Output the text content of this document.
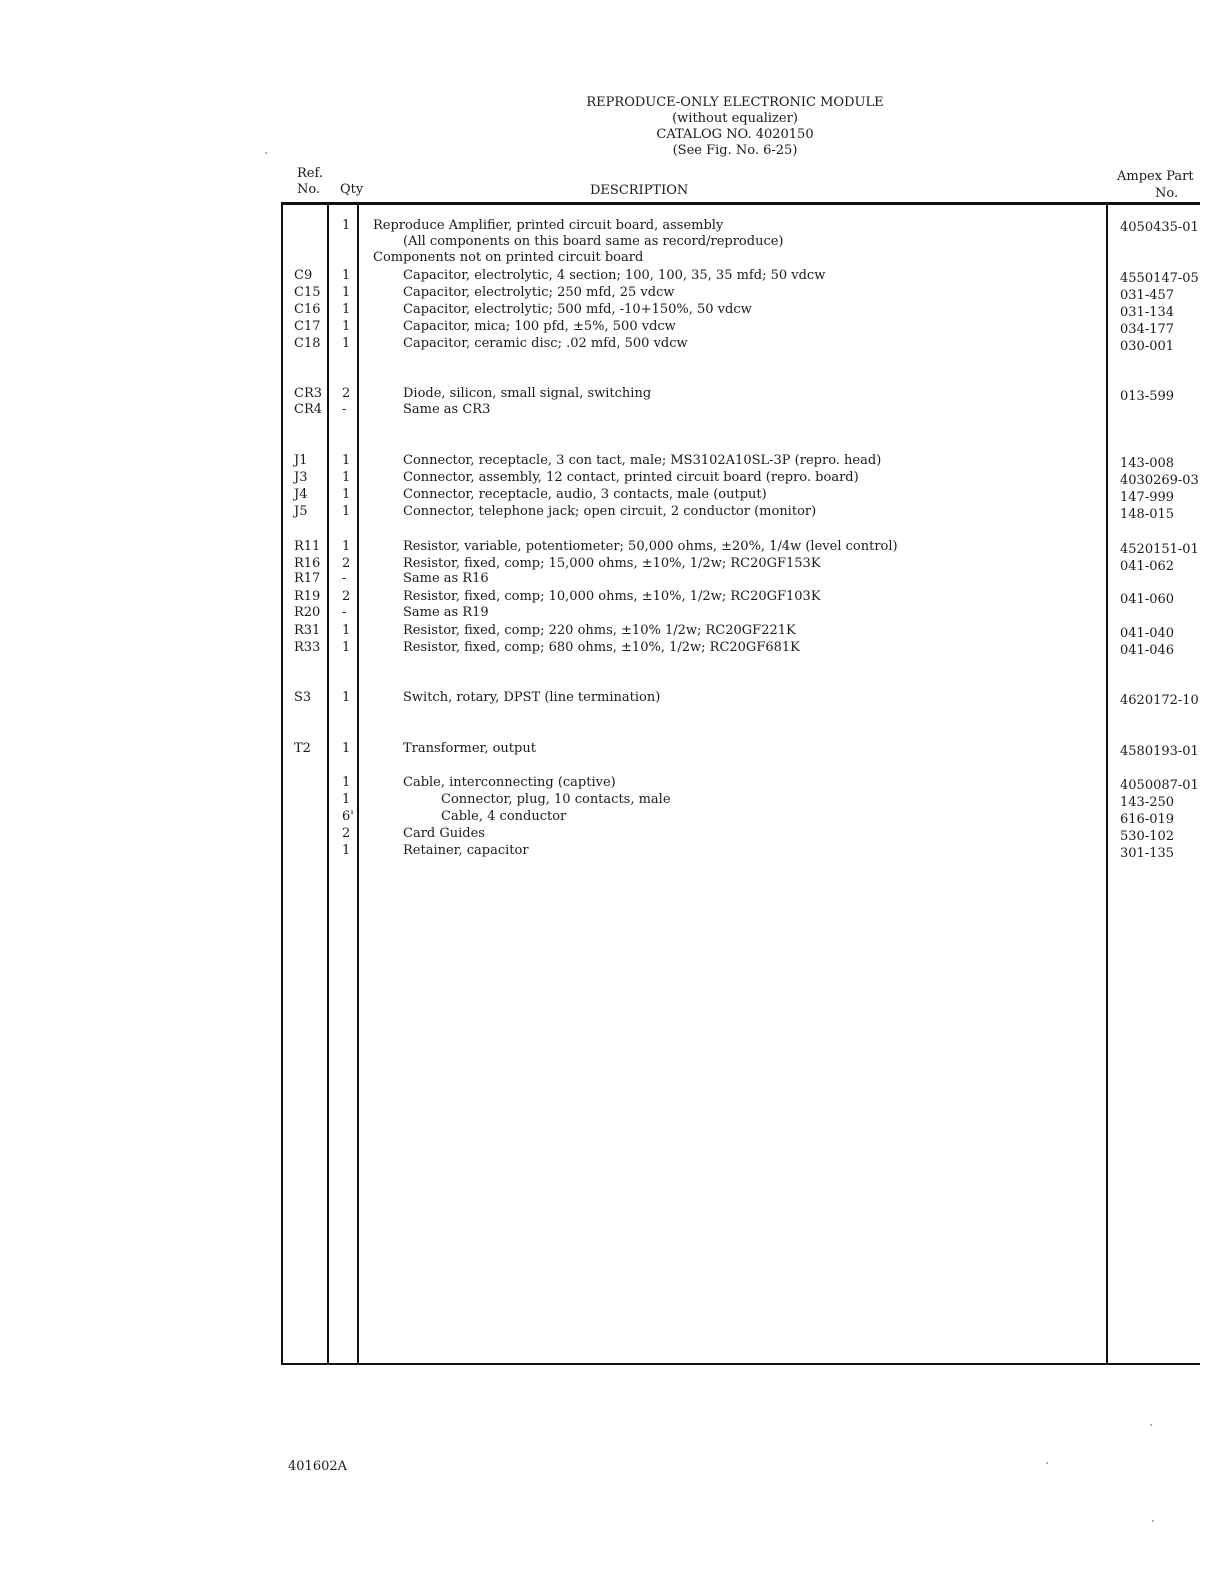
REPRODUCE-ONLY ELECTRONIC MODULE
(without equalizer)
CATALOG NO. 4020150
(See Fig. No. 6-25)
Ref.
No. Qty	DESCRIPTION
Ampex Part
No.
1 Reproduce Amplifier, printed circuit board, assembly	4050435-01
(All components on this board same as record/reproduce)
Components not on printed circuit board
C9 1	Capacitor, electrolytic, 4 section; 100, 100, 35, 35 mfd; 50 vdcw	4550147-05
C15 1	Capacitor, electrolytic; 250 mfd, 25 vdcw	031-457
C16 1	Capacitor, electrolytic; 500 mfd, -10+150%, 50 vdcw	031-134
C17 1	Capacitor, mica; 100 pfd, ±5%, 500 vdcw	034-177
C18 1	Capacitor, ceramic disc; .02 mfd, 500 vdcw	030-001
CR3 2	Diode, silicon, small signal, switching	013-599
CR4 -	Same as CR3
J1	1	Connector, receptacle, 3 con tact, male; MS3102A10SL-3P (repro. head)	143-008
J3	1	Connector, assembly, 12 contact, printed circuit board (repro. board)	4030269-03
J4	1	Connector, receptacle, audio, 3 contacts, male (output)	147-999
J5	1	Connector, telephone jack; open circuit, 2 conductor (monitor)	148-015
R11 1	Resistor, variable, potentiometer; 50,000 ohms, ±20%, 1/4w (level control)	4520151-01
R16 2	Resistor, fixed, comp; 15,000 ohms, ±10%, 1/2w; RC20GF153K	041-062
R17 -	Same as R16
R19 2	Resistor, fixed, comp; 10,000 ohms, ±10%, 1/2w; RC20GF103K	041-060
R20 -	Same as R19
R31 1	Resistor, fixed, comp; 220 ohms, ±10% 1/2w; RC20GF221K	041-040
R33 1	Resistor, fixed, comp; 680 ohms, ±10%, 1/2w; RC20GF681K	041-046
S3 1	Switch, rotary, DPST (line termination)	4620172-10
T2 1	Transformer, output	4580193-01
1	Cable, interconnecting (captive)	4050087-01
1	Connector, plug, 10 contacts, male	143-250
6'	Cable, 4 conductor	616-019
2	Card Guides	530-102
1	Retainer, capacitor	301-135
401602A
